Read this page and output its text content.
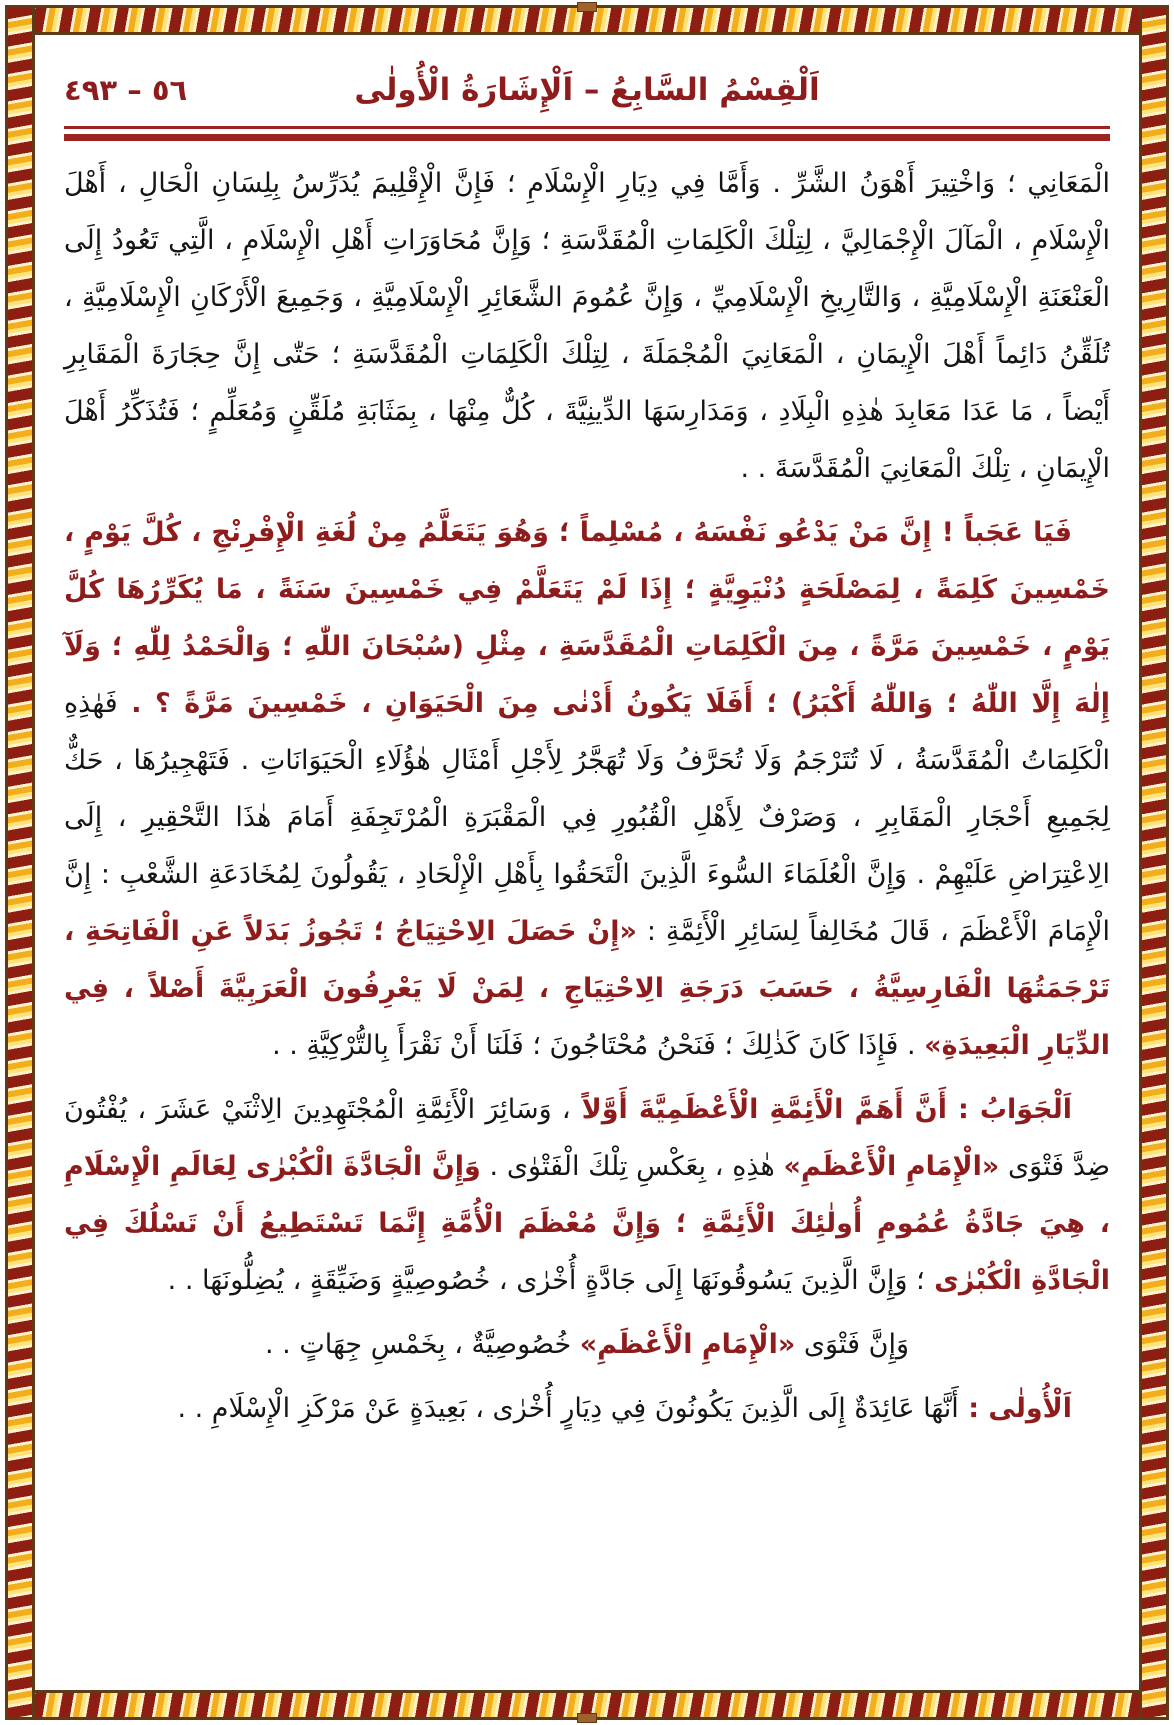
٥٦ – ٤٩٣	اَلْقِسْمُ السَّابِعُ – اَلْإِشَارَةُ الْأُولٰى

الْمَعَانِي ؛ وَاخْتِيرَ أَهْوَنُ الشَّرِّ . وَأَمَّا فِي دِيَارِ الْإِسْلَامِ ؛ فَإِنَّ الْإِقْلِيمَ يُدَرِّسُ بِلِسَانِ الْحَالِ ، أَهْلَ الْإِسْلَامِ ، الْمَآلَ الْإِجْمَالِيَّ ، لِتِلْكَ الْكَلِمَاتِ الْمُقَدَّسَةِ ؛ وَإِنَّ مُحَاوَرَاتِ أَهْلِ الْإِسْلَامِ ، الَّتِي تَعُودُ إِلَى الْعَنْعَنَةِ الْإِسْلَامِيَّةِ ، وَالتَّارِيخِ الْإِسْلَامِيِّ ، وَإِنَّ عُمُومَ الشَّعَائِرِ الْإِسْلَامِيَّةِ ، وَجَمِيعَ الْأَرْكَانِ الْإِسْلَامِيَّةِ ، تُلَقِّنُ دَائِماً أَهْلَ الْإِيمَانِ ، الْمَعَانِيَ الْمُجْمَلَةَ ، لِتِلْكَ الْكَلِمَاتِ الْمُقَدَّسَةِ ؛ حَتّٰى إِنَّ حِجَارَةَ الْمَقَابِرِ أَيْضاً ، مَا عَدَا مَعَابِدَ هٰذِهِ الْبِلَادِ ، وَمَدَارِسَهَا الدِّينِيَّةَ ، كُلٌّ مِنْهَا ، بِمَثَابَةِ مُلَقِّنٍ وَمُعَلِّمٍ ؛ فَتُذَكِّرُ أَهْلَ الْإِيمَانِ ، تِلْكَ الْمَعَانِيَ الْمُقَدَّسَةَ . .

فَيَا عَجَباً ! إِنَّ مَنْ يَدْعُو نَفْسَهُ ، مُسْلِماً ؛ وَهُوَ يَتَعَلَّمُ مِنْ لُغَةِ الْإِفْرِنْجِ ، كُلَّ يَوْمٍ ، خَمْسِينَ كَلِمَةً ، لِمَصْلَحَةٍ دُنْيَوِيَّةٍ ؛ إِذَا لَمْ يَتَعَلَّمْ فِي خَمْسِينَ سَنَةً ، مَا يُكَرِّرُهَا كُلَّ يَوْمٍ ، خَمْسِينَ مَرَّةً ، مِنَ الْكَلِمَاتِ الْمُقَدَّسَةِ ، مِثْلِ (سُبْحَانَ اللّٰهِ ؛ وَالْحَمْدُ لِلّٰهِ ؛ وَلَآ إِلٰهَ إِلَّا اللّٰهُ ؛ وَاللّٰهُ أَكْبَرُ) ؛ أَفَلَا يَكُونُ أَدْنٰى مِنَ الْحَيَوَانِ ، خَمْسِينَ مَرَّةً ؟ . فَهٰذِهِ الْكَلِمَاتُ الْمُقَدَّسَةُ ، لَا تُتَرْجَمُ وَلَا تُحَرَّفُ وَلَا تُهَجَّرُ لِأَجْلِ أَمْثَالِ هٰؤُلَاءِ الْحَيَوَانَاتِ . فَتَهْجِيرُهَا ، حَكٌّ لِجَمِيعِ أَحْجَارِ الْمَقَابِرِ ، وَصَرْفٌ لِأَهْلِ الْقُبُورِ فِي الْمَقْبَرَةِ الْمُرْتَجِفَةِ أَمَامَ هٰذَا التَّحْقِيرِ ، إِلَى الِاعْتِرَاضِ عَلَيْهِمْ . وَإِنَّ الْعُلَمَاءَ السُّوءَ الَّذِينَ الْتَحَقُوا بِأَهْلِ الْإِلْحَادِ ، يَقُولُونَ لِمُخَادَعَةِ الشَّعْبِ : إِنَّ الْإِمَامَ الْأَعْظَمَ ، قَالَ مُخَالِفاً لِسَائِرِ الْأَئِمَّةِ : «إِنْ حَصَلَ الِاحْتِيَاجُ ؛ تَجُوزُ بَدَلاً عَنِ الْفَاتِحَةِ ، تَرْجَمَتُهَا الْفَارِسِيَّةُ ، حَسَبَ دَرَجَةِ الِاحْتِيَاجِ ، لِمَنْ لَا يَعْرِفُونَ الْعَرَبِيَّةَ أَصْلاً ، فِي الدِّيَارِ الْبَعِيدَةِ» . فَإِذَا كَانَ كَذٰلِكَ ؛ فَنَحْنُ مُحْتَاجُونَ ؛ فَلَنَا أَنْ نَقْرَأَ بِالتُّرْكِيَّةِ . .

اَلْجَوَابُ : أَنَّ أَهَمَّ الْأَئِمَّةِ الْأَعْظَمِيَّةَ أَوَّلاً ، وَسَائِرَ الْأَئِمَّةِ الْمُجْتَهِدِينَ الِاثْنَيْ عَشَرَ ، يُفْتُونَ ضِدَّ فَتْوَى «الْإِمَامِ الْأَعْظَمِ» هٰذِهِ ، بِعَكْسِ تِلْكَ الْفَتْوٰى . وَإِنَّ الْجَادَّةَ الْكُبْرٰى لِعَالَمِ الْإِسْلَامِ ، هِيَ جَادَّةُ عُمُومِ أُولٰئِكَ الْأَئِمَّةِ ؛ وَإِنَّ مُعْظَمَ الْأُمَّةِ إِنَّمَا تَسْتَطِيعُ أَنْ تَسْلُكَ فِي الْجَادَّةِ الْكُبْرٰى ؛ وَإِنَّ الَّذِينَ يَسُوقُونَهَا إِلَى جَادَّةٍ أُخْرٰى ، خُصُوصِيَّةٍ وَضَيِّقَةٍ ، يُضِلُّونَهَا . .

وَإِنَّ فَتْوَى «الْإِمَامِ الْأَعْظَمِ» خُصُوصِيَّةٌ ، بِخَمْسِ جِهَاتٍ . .

اَلْأُولٰى : أَنَّهَا عَائِدَةٌ إِلَى الَّذِينَ يَكُونُونَ فِي دِيَارٍ أُخْرٰى ، بَعِيدَةٍ عَنْ مَرْكَزِ الْإِسْلَامِ . .
